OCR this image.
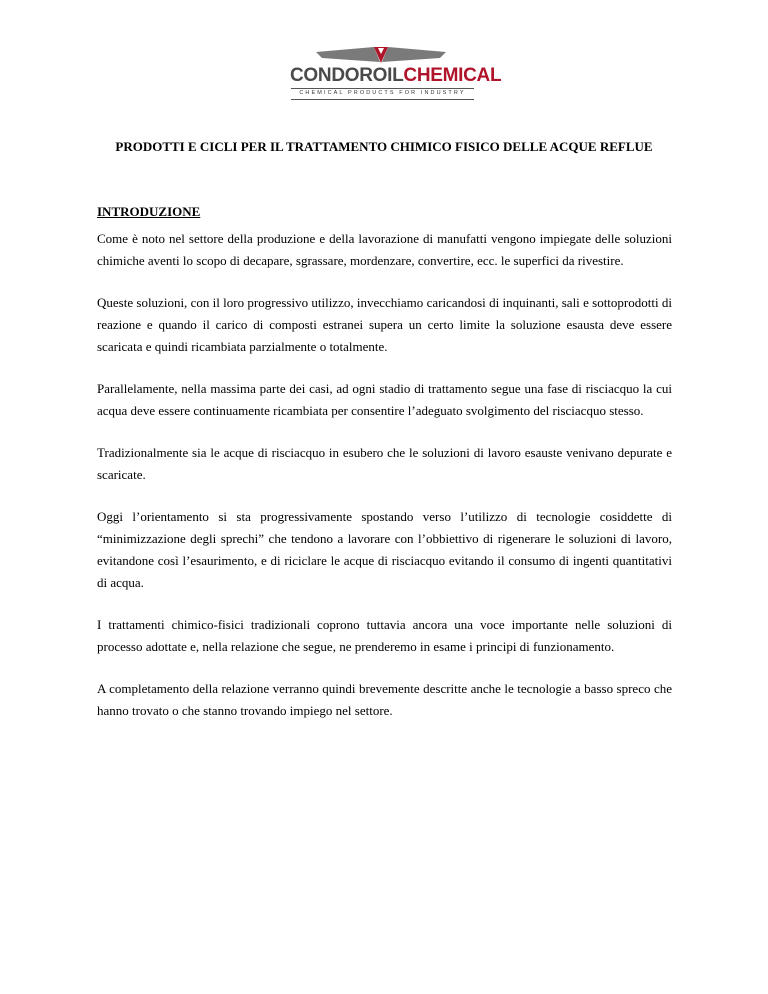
CONDOROILCHEMICAL
CHEMICAL PRODUCTS FOR INDUSTRY
PRODOTTI E CICLI PER IL TRATTAMENTO CHIMICO FISICO DELLE ACQUE REFLUE
INTRODUZIONE

Come è noto nel settore della produzione e della lavorazione di manufatti vengono impiegate delle soluzioni chimiche aventi lo scopo di decapare, sgrassare, mordenzare, convertire, ecc. le superfici da rivestire.

Queste soluzioni, con il loro progressivo utilizzo, invecchiamo caricandosi di inquinanti, sali e sottoprodotti di reazione e quando il carico di composti estranei supera un certo limite la soluzione esausta deve essere scaricata e quindi ricambiata parzialmente o totalmente.

Parallelamente, nella massima parte dei casi, ad ogni stadio di trattamento segue una fase di risciacquo la cui acqua deve essere continuamente ricambiata per consentire l’adeguato svolgimento del risciacquo stesso.

Tradizionalmente sia le acque di risciacquo in esubero che le soluzioni di lavoro esauste venivano depurate e scaricate.

Oggi l’orientamento si sta progressivamente spostando verso l’utilizzo di tecnologie cosiddette di “minimizzazione degli sprechi” che tendono a lavorare con l’obbiettivo di rigenerare le soluzioni di lavoro, evitandone così l’esaurimento, e di riciclare le acque di risciacquo evitando il consumo di ingenti quantitativi di acqua.

I trattamenti chimico-fisici tradizionali coprono tuttavia ancora una voce importante nelle soluzioni di processo adottate e, nella relazione che segue, ne prenderemo in esame i principi di funzionamento.

A completamento della relazione verranno quindi brevemente descritte anche le tecnologie a basso spreco che hanno trovato o che stanno trovando impiego nel settore.
